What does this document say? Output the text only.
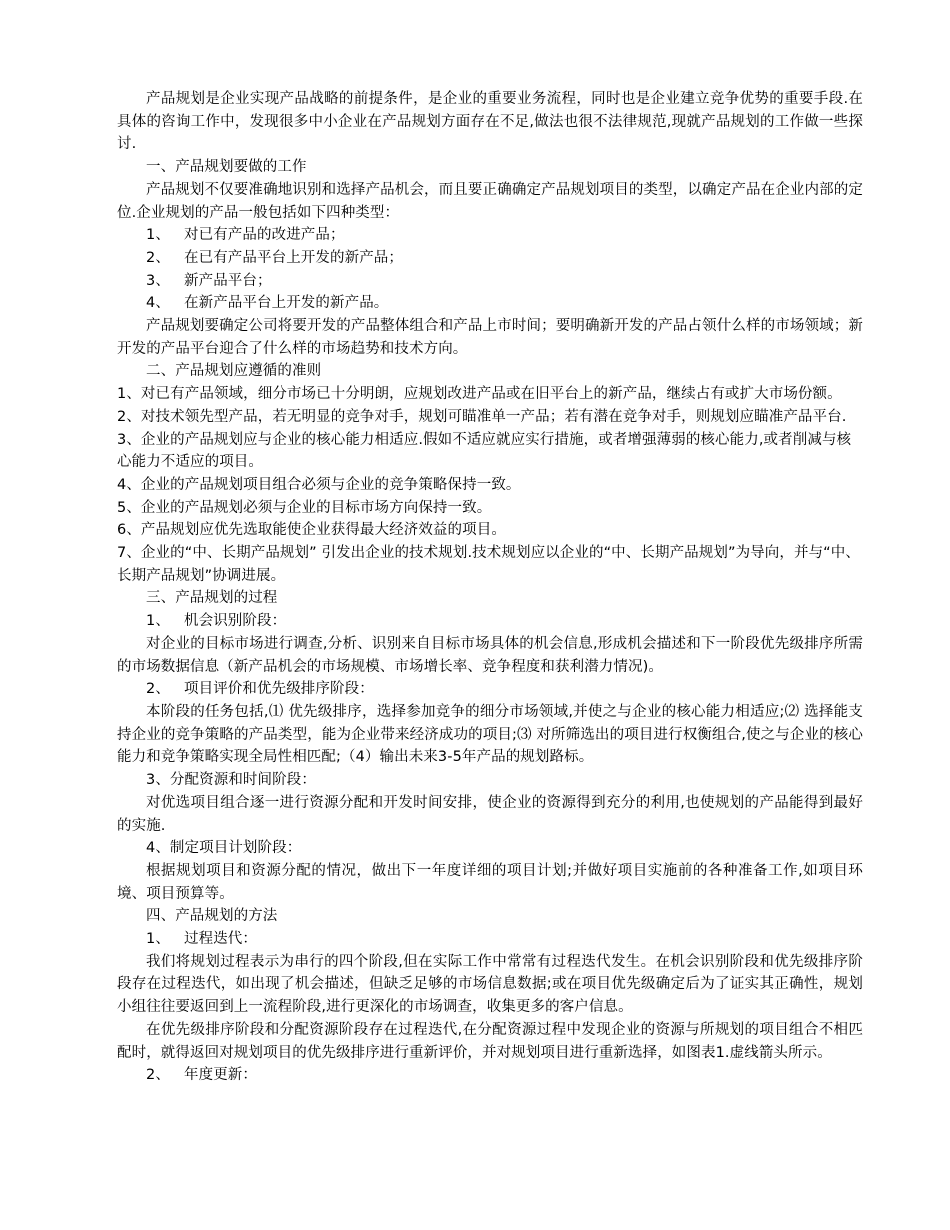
产品规划是企业实现产品战略的前提条件，是企业的重要业务流程，同时也是企业建立竞争优势的重要手段.在具体的咨询工作中，发现很多中小企业在产品规划方面存在不足,做法也很不法律规范,现就产品规划的工作做一些探讨.

一、产品规划要做的工作

产品规划不仅要准确地识别和选择产品机会，而且要正确确定产品规划项目的类型，以确定产品在企业内部的定位.企业规划的产品一般包括如下四种类型：

1、 对已有产品的改进产品；

2、 在已有产品平台上开发的新产品；

3、 新产品平台；

4、 在新产品平台上开发的新产品。

产品规划要确定公司将要开发的产品整体组合和产品上市时间；要明确新开发的产品占领什么样的市场领域；新开发的产品平台迎合了什么样的市场趋势和技术方向。

二、产品规划应遵循的准则

1、对已有产品领域，细分市场已十分明朗，应规划改进产品或在旧平台上的新产品，继续占有或扩大市场份额。

2、对技术领先型产品，若无明显的竞争对手，规划可瞄准单一产品；若有潜在竞争对手，则规划应瞄准产品平台.

3、企业的产品规划应与企业的核心能力相适应.假如不适应就应实行措施，或者增强薄弱的核心能力,或者削减与核心能力不适应的项目。

4、企业的产品规划项目组合必须与企业的竞争策略保持一致。

5、企业的产品规划必须与企业的目标市场方向保持一致。

6、产品规划应优先选取能使企业获得最大经济效益的项目。

7、企业的“中、长期产品规划” 引发出企业的技术规划.技术规划应以企业的“中、长期产品规划”为导向，并与“中、长期产品规划”协调进展。

三、产品规划的过程

1、 机会识别阶段：

对企业的目标市场进行调查,分析、识别来自目标市场具体的机会信息,形成机会描述和下一阶段优先级排序所需的市场数据信息（新产品机会的市场规模、市场增长率、竞争程度和获利潜力情况)。

2、 项目评价和优先级排序阶段：

本阶段的任务包括,⑴ 优先级排序，选择参加竞争的细分市场领域,并使之与企业的核心能力相适应;⑵ 选择能支持企业的竞争策略的产品类型，能为企业带来经济成功的项目;⑶ 对所筛选出的项目进行权衡组合,使之与企业的核心能力和竞争策略实现全局性相匹配;（4）输出未来3-5年产品的规划路标。

3、分配资源和时间阶段：

对优选项目组合逐一进行资源分配和开发时间安排，使企业的资源得到充分的利用,也使规划的产品能得到最好的实施.

4、制定项目计划阶段：

根据规划项目和资源分配的情况，做出下一年度详细的项目计划;并做好项目实施前的各种准备工作,如项目环境、项目预算等。

四、产品规划的方法

1、 过程迭代：

我们将规划过程表示为串行的四个阶段,但在实际工作中常常有过程迭代发生。在机会识别阶段和优先级排序阶段存在过程迭代，如出现了机会描述，但缺乏足够的市场信息数据;或在项目优先级确定后为了证实其正确性，规划小组往往要返回到上一流程阶段,进行更深化的市场调查，收集更多的客户信息。

在优先级排序阶段和分配资源阶段存在过程迭代,在分配资源过程中发现企业的资源与所规划的项目组合不相匹配时，就得返回对规划项目的优先级排序进行重新评价，并对规划项目进行重新选择，如图表1.虚线箭头所示。

2、 年度更新：
